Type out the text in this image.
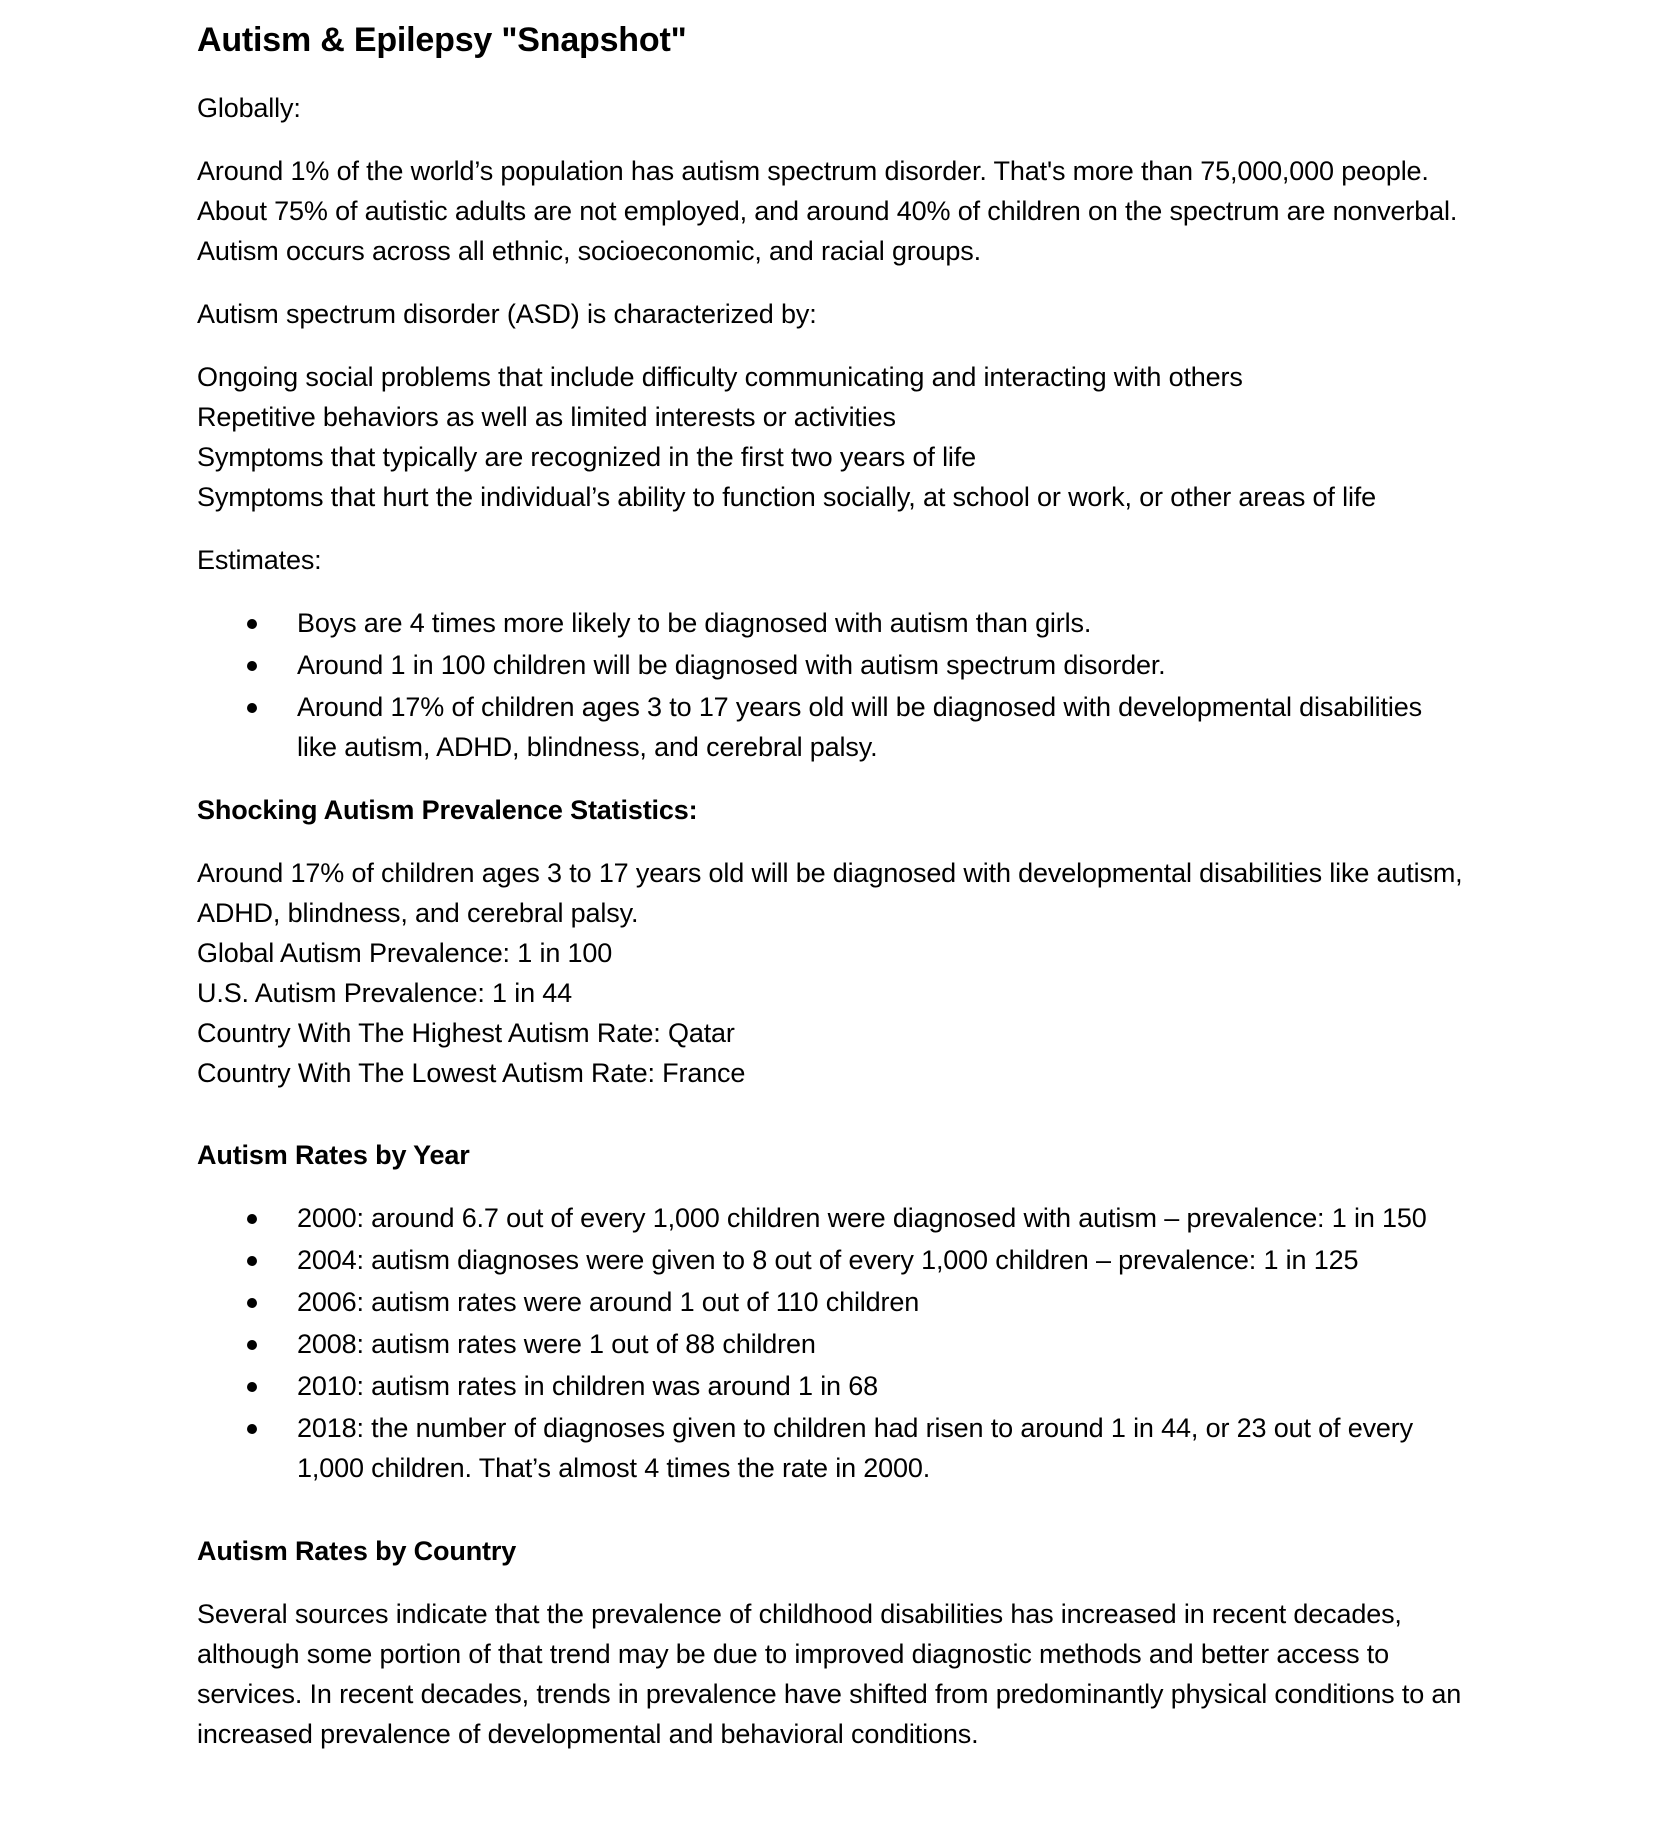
Autism & Epilepsy "Snapshot"

Globally:

Around 1% of the world’s population has autism spectrum disorder. That's more than 75,000,000 people. About 75% of autistic adults are not employed, and around 40% of children on the spectrum are nonverbal. Autism occurs across all ethnic, socioeconomic, and racial groups.

Autism spectrum disorder (ASD) is characterized by:

Ongoing social problems that include difficulty communicating and interacting with others
Repetitive behaviors as well as limited interests or activities
Symptoms that typically are recognized in the first two years of life
Symptoms that hurt the individual’s ability to function socially, at school or work, or other areas of life

Estimates:

Boys are 4 times more likely to be diagnosed with autism than girls.
Around 1 in 100 children will be diagnosed with autism spectrum disorder.
Around 17% of children ages 3 to 17 years old will be diagnosed with developmental disabilities like autism, ADHD, blindness, and cerebral palsy.
Shocking Autism Prevalence Statistics:
Around 17% of children ages 3 to 17 years old will be diagnosed with developmental disabilities like autism, ADHD, blindness, and cerebral palsy.
Global Autism Prevalence: 1 in 100
U.S. Autism Prevalence: 1 in 44
Country With The Highest Autism Rate: Qatar
Country With The Lowest Autism Rate: France
Autism Rates by Year
2000: around 6.7 out of every 1,000 children were diagnosed with autism – prevalence: 1 in 150
2004: autism diagnoses were given to 8 out of every 1,000 children – prevalence: 1 in 125
2006: autism rates were around 1 out of 110 children
2008: autism rates were 1 out of 88 children
2010: autism rates in children was around 1 in 68
2018: the number of diagnoses given to children had risen to around 1 in 44, or 23 out of every 1,000 children. That’s almost 4 times the rate in 2000.
Autism Rates by Country

Several sources indicate that the prevalence of childhood disabilities has increased in recent decades, although some portion of that trend may be due to improved diagnostic methods and better access to services. In recent decades, trends in prevalence have shifted from predominantly physical conditions to an increased prevalence of developmental and behavioral conditions.
